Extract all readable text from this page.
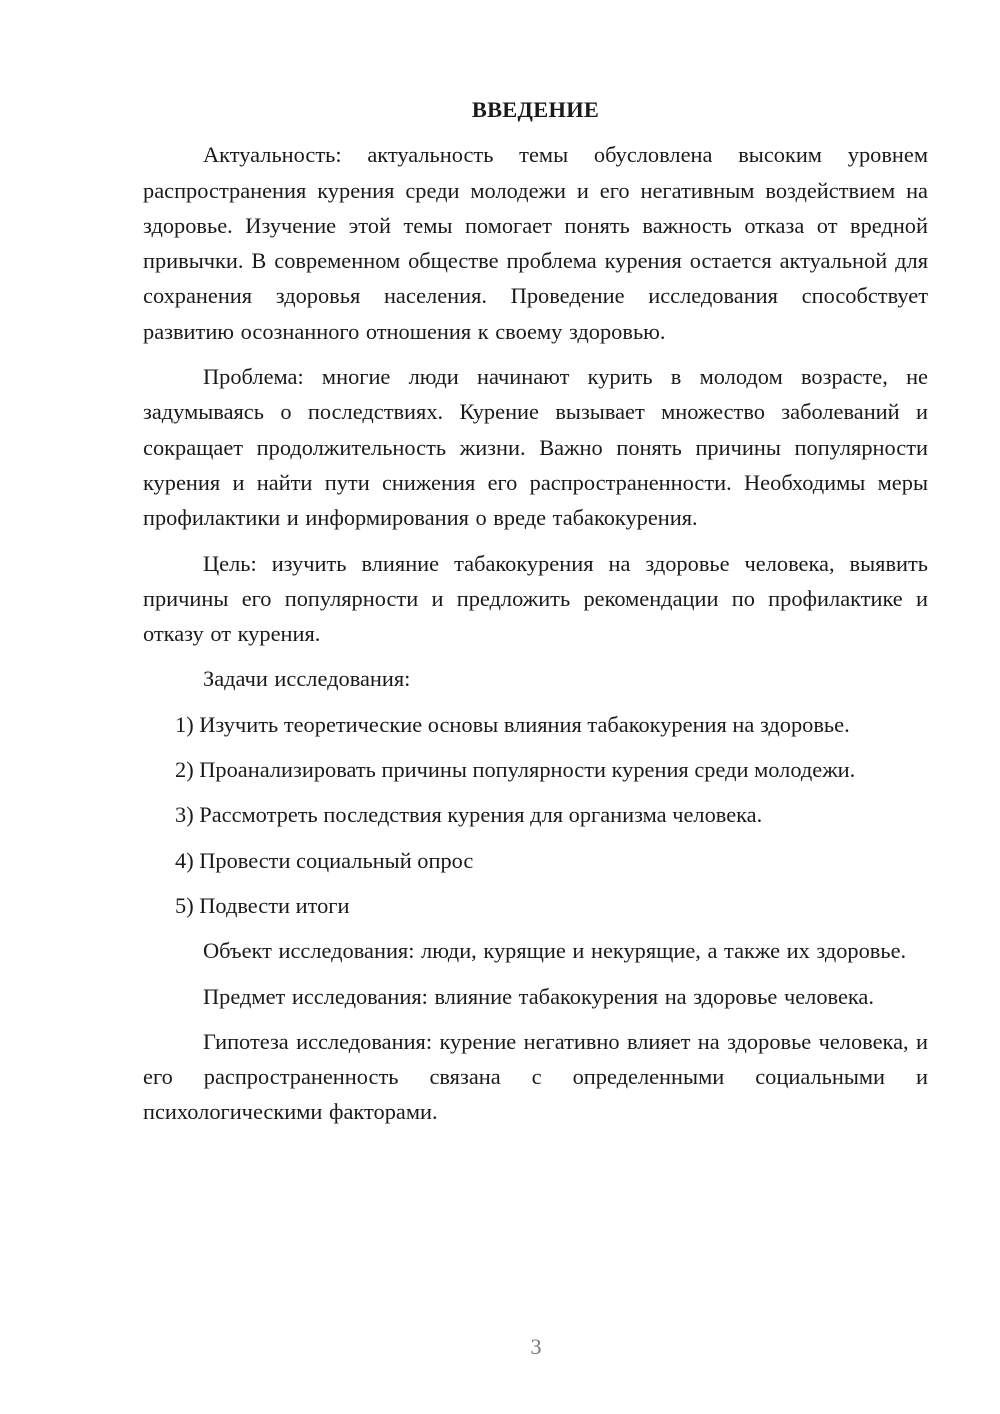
ВВЕДЕНИЕ

Актуальность: актуальность темы обусловлена высоким уровнем распространения курения среди молодежи и его негативным воздействием на здоровье. Изучение этой темы помогает понять важность отказа от вредной привычки. В современном обществе проблема курения остается актуальной для сохранения здоровья населения. Проведение исследования способствует развитию осознанного отношения к своему здоровью.

Проблема: многие люди начинают курить в молодом возрасте, не задумываясь о последствиях. Курение вызывает множество заболеваний и сокращает продолжительность жизни. Важно понять причины популярности курения и найти пути снижения его распространенности. Необходимы меры профилактики и информирования о вреде табакокурения.

Цель: изучить влияние табакокурения на здоровье человека, выявить причины его популярности и предложить рекомендации по профилактике и отказу от курения.

Задачи исследования:

1) Изучить теоретические основы влияния табакокурения на здоровье.

2) Проанализировать причины популярности курения среди молодежи.

3) Рассмотреть последствия курения для организма человека.

4) Провести социальный опрос

5) Подвести итоги

Объект исследования: люди, курящие и некурящие, а также их здоровье.

Предмет исследования: влияние табакокурения на здоровье человека.

Гипотеза исследования: курение негативно влияет на здоровье человека, и его распространенность связана с определенными социальными и психологическими факторами.

3
